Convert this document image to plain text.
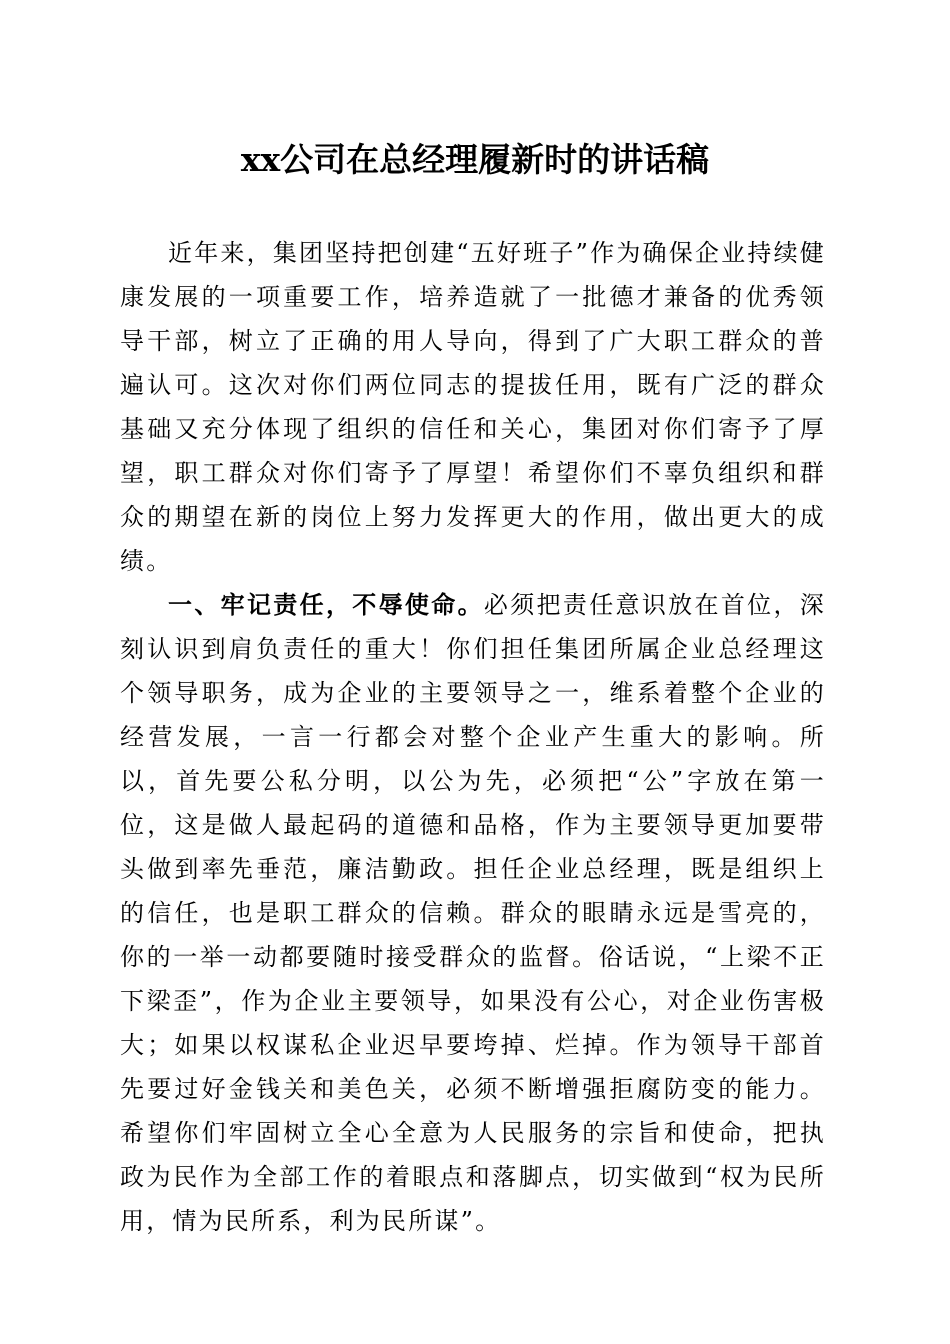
xx公司在总经理履新时的讲话稿

近年来，集团坚持把创建“五好班子”作为确保企业持续健康发展的一项重要工作，培养造就了一批德才兼备的优秀领导干部，树立了正确的用人导向，得到了广大职工群众的普遍认可。这次对你们两位同志的提拔任用，既有广泛的群众基础又充分体现了组织的信任和关心，集团对你们寄予了厚望，职工群众对你们寄予了厚望！希望你们不辜负组织和群众的期望在新的岗位上努力发挥更大的作用，做出更大的成绩。

一、牢记责任，不辱使命。必须把责任意识放在首位，深刻认识到肩负责任的重大！你们担任集团所属企业总经理这个领导职务，成为企业的主要领导之一，维系着整个企业的经营发展，一言一行都会对整个企业产生重大的影响。所以，首先要公私分明，以公为先，必须把“公”字放在第一位，这是做人最起码的道德和品格，作为主要领导更加要带头做到率先垂范，廉洁勤政。担任企业总经理，既是组织上的信任，也是职工群众的信赖。群众的眼睛永远是雪亮的，你的一举一动都要随时接受群众的监督。俗话说，“上梁不正下梁歪”，作为企业主要领导，如果没有公心，对企业伤害极大；如果以权谋私企业迟早要垮掉、烂掉。作为领导干部首先要过好金钱关和美色关，必须不断增强拒腐防变的能力。希望你们牢固树立全心全意为人民服务的宗旨和使命，把执政为民作为全部工作的着眼点和落脚点，切实做到“权为民所用，情为民所系，利为民所谋”。
